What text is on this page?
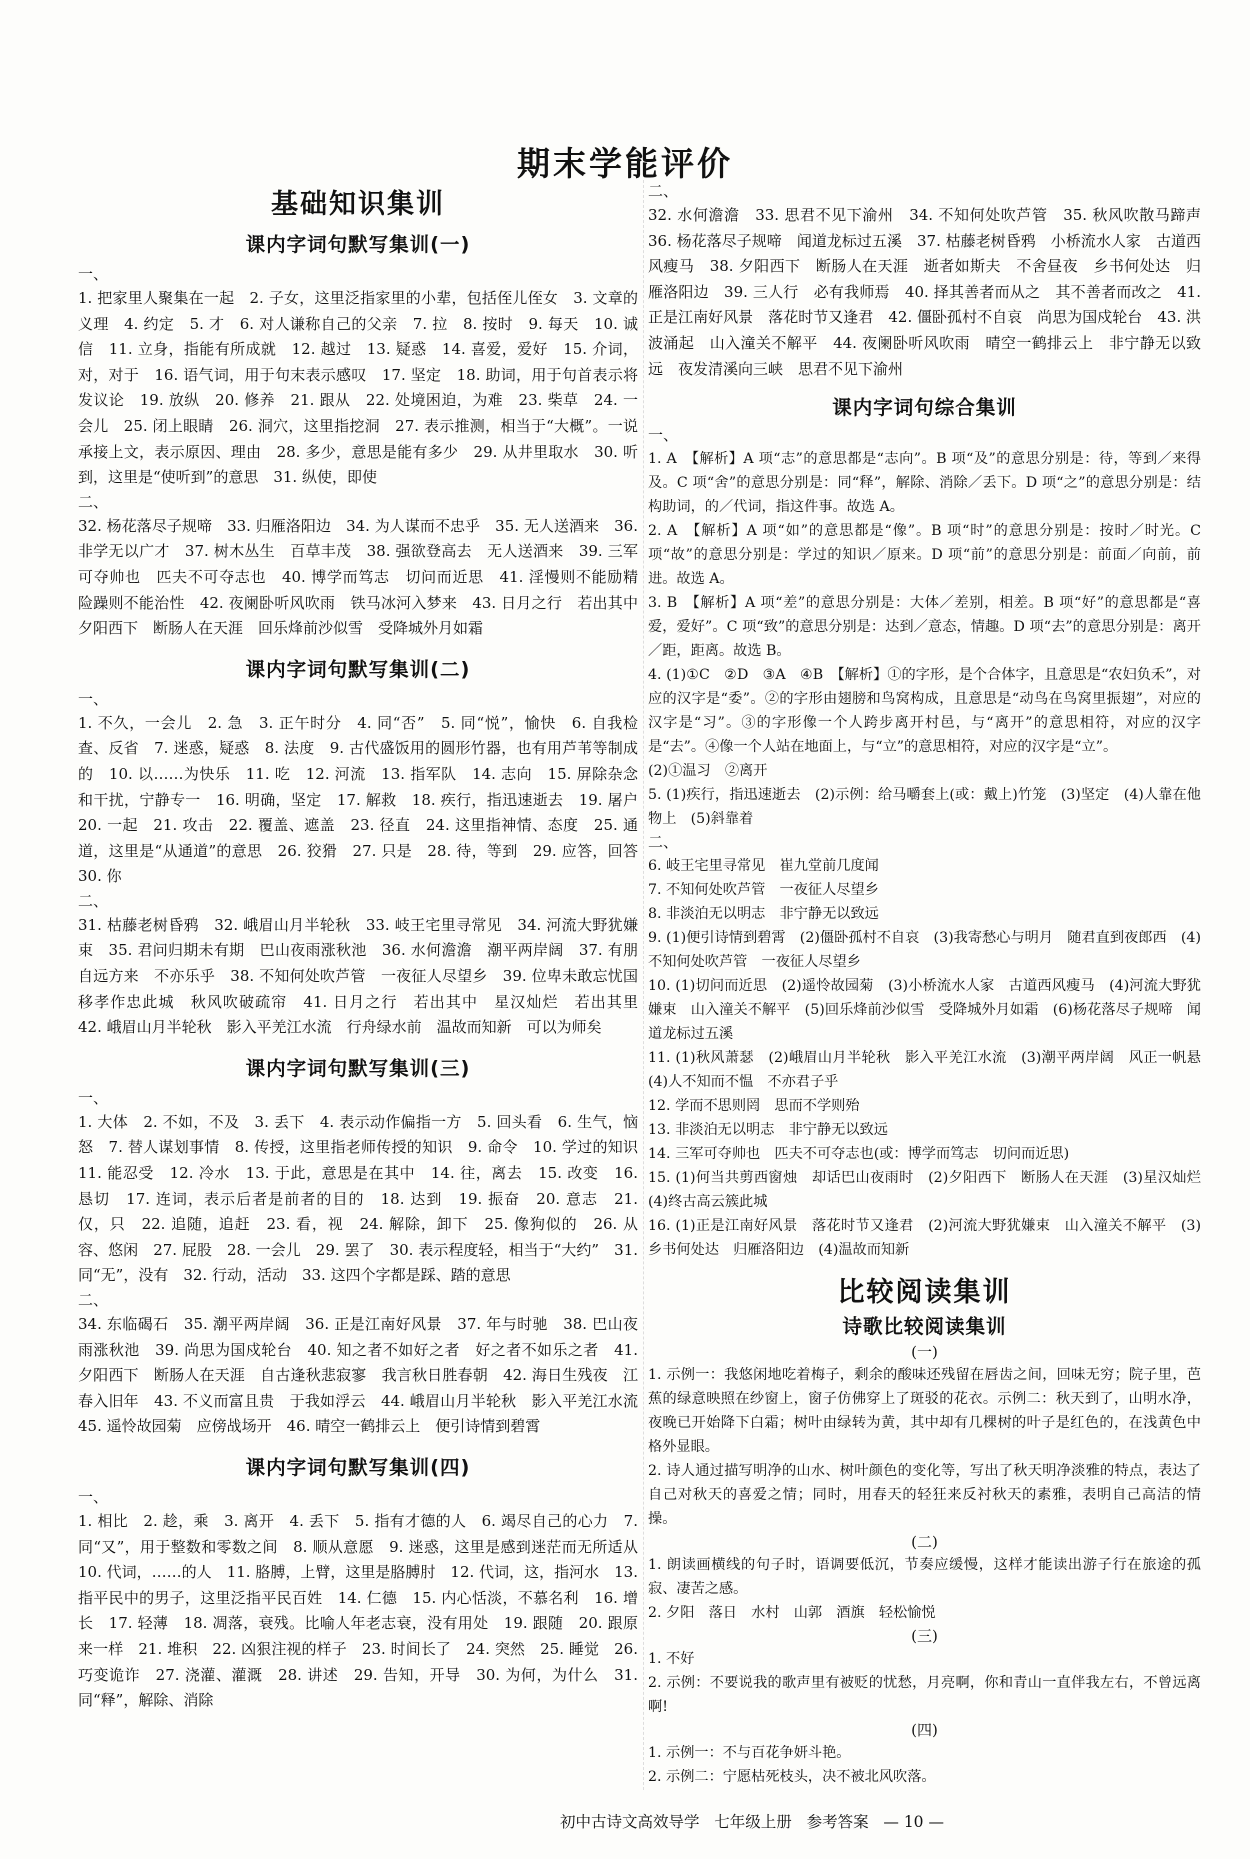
期末学能评价
基础知识集训
课内字词句默写集训(一)

一、

1. 把家里人聚集在一起　2. 子女，这里泛指家里的小辈，包括侄儿侄女　3. 文章的义理　4. 约定　5. 才　6. 对人谦称自己的父亲　7. 拉　8. 按时　9. 每天　10. 诚信　11. 立身，指能有所成就　12. 越过　13. 疑惑　14. 喜爱，爱好　15. 介词，对，对于　16. 语气词，用于句末表示感叹　17. 坚定　18. 助词，用于句首表示将发议论　19. 放纵　20. 修养　21. 跟从　22. 处境困迫，为难　23. 柴草　24. 一会儿　25. 闭上眼睛　26. 洞穴，这里指挖洞　27. 表示推测，相当于“大概”。一说承接上文，表示原因、理由　28. 多少，意思是能有多少　29. 从井里取水　30. 听到，这里是“使听到”的意思　31. 纵使，即使

二、

32. 杨花落尽子规啼　33. 归雁洛阳边　34. 为人谋而不忠乎　35. 无人送酒来　36. 非学无以广才　37. 树木丛生　百草丰茂　38. 强欲登高去　无人送酒来　39. 三军可夺帅也　匹夫不可夺志也　40. 博学而笃志　切问而近思　41. 淫慢则不能励精　险躁则不能治性　42. 夜阑卧听风吹雨　铁马冰河入梦来　43. 日月之行　若出其中　夕阳西下　断肠人在天涯　回乐烽前沙似雪　受降城外月如霜

课内字词句默写集训(二)

一、

1. 不久，一会儿　2. 急　3. 正午时分　4. 同“否”　5. 同“悦”，愉快　6. 自我检查、反省　7. 迷惑，疑惑　8. 法度　9. 古代盛饭用的圆形竹器，也有用芦苇等制成的　10. 以……为快乐　11. 吃　12. 河流　13. 指军队　14. 志向　15. 屏除杂念和干扰，宁静专一　16. 明确，坚定　17. 解救　18. 疾行，指迅速逝去　19. 屠户　20. 一起　21. 攻击　22. 覆盖、遮盖　23. 径直　24. 这里指神情、态度　25. 通道，这里是“从通道”的意思　26. 狡猾　27. 只是　28. 待，等到　29. 应答，回答　30. 你

二、

31. 枯藤老树昏鸦　32. 峨眉山月半轮秋　33. 岐王宅里寻常见　34. 河流大野犹嫌束　35. 君问归期未有期　巴山夜雨涨秋池　36. 水何澹澹　潮平两岸阔　37. 有朋自远方来　不亦乐乎　38. 不知何处吹芦管　一夜征人尽望乡　39. 位卑未敢忘忧国　移孝作忠此城　秋风吹破疏帘　41. 日月之行　若出其中　星汉灿烂　若出其里　42. 峨眉山月半轮秋　影入平羌江水流　行舟绿水前　温故而知新　可以为师矣

课内字词句默写集训(三)

一、

1. 大体　2. 不如，不及　3. 丢下　4. 表示动作偏指一方　5. 回头看　6. 生气，恼怒　7. 替人谋划事情　8. 传授，这里指老师传授的知识　9. 命令　10. 学过的知识　11. 能忍受　12. 冷水　13. 于此，意思是在其中　14. 往，离去　15. 改变　16. 恳切　17. 连词，表示后者是前者的目的　18. 达到　19. 振奋　20. 意志　21. 仅，只　22. 追随，追赶　23. 看，视　24. 解除，卸下　25. 像狗似的　26. 从容、悠闲　27. 屁股　28. 一会儿　29. 罢了　30. 表示程度轻，相当于“大约”　31. 同“无”，没有　32. 行动，活动　33. 这四个字都是踩、踏的意思

二、

34. 东临碣石　35. 潮平两岸阔　36. 正是江南好风景　37. 年与时驰　38. 巴山夜雨涨秋池　39. 尚思为国戍轮台　40. 知之者不如好之者　好之者不如乐之者　41. 夕阳西下　断肠人在天涯　自古逢秋悲寂寥　我言秋日胜春朝　42. 海日生残夜　江春入旧年　43. 不义而富且贵　于我如浮云　44. 峨眉山月半轮秋　影入平羌江水流　45. 遥怜故园菊　应傍战场开　46. 晴空一鹤排云上　便引诗情到碧霄

课内字词句默写集训(四)

一、

1. 相比　2. 趁，乘　3. 离开　4. 丢下　5. 指有才德的人　6. 竭尽自己的心力　7. 同“又”，用于整数和零数之间　8. 顺从意愿　9. 迷惑，这里是感到迷茫而无所适从　10. 代词，……的人　11. 胳膊，上臂，这里是胳膊肘　12. 代词，这，指河水　13. 指平民中的男子，这里泛指平民百姓　14. 仁德　15. 内心恬淡，不慕名利　16. 增长　17. 轻薄　18. 凋落，衰残。比喻人年老志衰，没有用处　19. 跟随　20. 跟原来一样　21. 堆积　22. 凶狠注视的样子　23. 时间长了　24. 突然　25. 睡觉　26. 巧变诡诈　27. 浇灌、灌溉　28. 讲述　29. 告知，开导　30. 为何，为什么　31. 同“释”，解除、消除

二、

32. 水何澹澹　33. 思君不见下渝州　34. 不知何处吹芦管　35. 秋风吹散马蹄声　36. 杨花落尽子规啼　闻道龙标过五溪　37. 枯藤老树昏鸦　小桥流水人家　古道西风瘦马　38. 夕阳西下　断肠人在天涯　逝者如斯夫　不舍昼夜　乡书何处达　归雁洛阳边　39. 三人行　必有我师焉　40. 择其善者而从之　其不善者而改之　41. 正是江南好风景　落花时节又逢君　42. 僵卧孤村不自哀　尚思为国戍轮台　43. 洪波涌起　山入潼关不解平　44. 夜阑卧听风吹雨　晴空一鹤排云上　非宁静无以致远　夜发清溪向三峡　思君不见下渝州

课内字词句综合集训

一、

1. A　【解析】A 项“志”的意思都是“志向”。B 项“及”的意思分别是：待，等到／来得及。C 项“舍”的意思分别是：同“释”，解除、消除／丢下。D 项“之”的意思分别是：结构助词，的／代词，指这件事。故选 A。

2. A　【解析】A 项“如”的意思都是“像”。B 项“时”的意思分别是：按时／时光。C 项“故”的意思分别是：学过的知识／原来。D 项“前”的意思分别是：前面／向前，前进。故选 A。

3. B　【解析】A 项“差”的意思分别是：大体／差别，相差。B 项“好”的意思都是“喜爱，爱好”。C 项“致”的意思分别是：达到／意态，情趣。D 项“去”的意思分别是：离开／距，距离。故选 B。

4. (1)①C　②D　③A　④B　【解析】①的字形，是个合体字，且意思是“农妇负禾”，对应的汉字是“委”。②的字形由翅膀和鸟窝构成，且意思是“动鸟在鸟窝里振翅”，对应的汉字是“习”。③的字形像一个人跨步离开村邑，与“离开”的意思相符，对应的汉字是“去”。④像一个人站在地面上，与“立”的意思相符，对应的汉字是“立”。

(2)①温习　②离开

5. (1)疾行，指迅速逝去　(2)示例：给马嚼套上(或：戴上)竹笼　(3)坚定　(4)人靠在他物上　(5)斜靠着

二、

6. 岐王宅里寻常见　崔九堂前几度闻

7. 不知何处吹芦管　一夜征人尽望乡

8. 非淡泊无以明志　非宁静无以致远

9. (1)便引诗情到碧霄　(2)僵卧孤村不自哀　(3)我寄愁心与明月　随君直到夜郎西　(4)不知何处吹芦管　一夜征人尽望乡

10. (1)切问而近思　(2)遥怜故园菊　(3)小桥流水人家　古道西风瘦马　(4)河流大野犹嫌束　山入潼关不解平　(5)回乐烽前沙似雪　受降城外月如霜　(6)杨花落尽子规啼　闻道龙标过五溪

11. (1)秋风萧瑟　(2)峨眉山月半轮秋　影入平羌江水流　(3)潮平两岸阔　风正一帆悬　(4)人不知而不愠　不亦君子乎

12. 学而不思则罔　思而不学则殆

13. 非淡泊无以明志　非宁静无以致远

14. 三军可夺帅也　匹夫不可夺志也(或：博学而笃志　切问而近思)

15. (1)何当共剪西窗烛　却话巴山夜雨时　(2)夕阳西下　断肠人在天涯　(3)星汉灿烂　(4)终古高云簇此城

16. (1)正是江南好风景　落花时节又逢君　(2)河流大野犹嫌束　山入潼关不解平　(3)乡书何处达　归雁洛阳边　(4)温故而知新

比较阅读集训
诗歌比较阅读集训

(一)

1. 示例一：我悠闲地吃着梅子，剩余的酸味还残留在唇齿之间，回味无穷；院子里，芭蕉的绿意映照在纱窗上，窗子仿佛穿上了斑驳的花衣。示例二：秋天到了，山明水净，夜晚已开始降下白霜；树叶由绿转为黄，其中却有几棵树的叶子是红色的，在浅黄色中格外显眼。

2. 诗人通过描写明净的山水、树叶颜色的变化等，写出了秋天明净淡雅的特点，表达了自己对秋天的喜爱之情；同时，用春天的轻狂来反衬秋天的素雅，表明自己高洁的情操。

(二)

1. 朗读画横线的句子时，语调要低沉，节奏应缓慢，这样才能读出游子行在旅途的孤寂、凄苦之感。

2. 夕阳　落日　水村　山郭　酒旗　轻松愉悦

(三)

1. 不好

2. 示例：不要说我的歌声里有被贬的忧愁，月亮啊，你和青山一直伴我左右，不曾远离啊!

(四)

1. 示例一：不与百花争妍斗艳。

2. 示例二：宁愿枯死枝头，决不被北风吹落。

初中古诗文高效导学 七年级上册 参考答案 — 10 —
